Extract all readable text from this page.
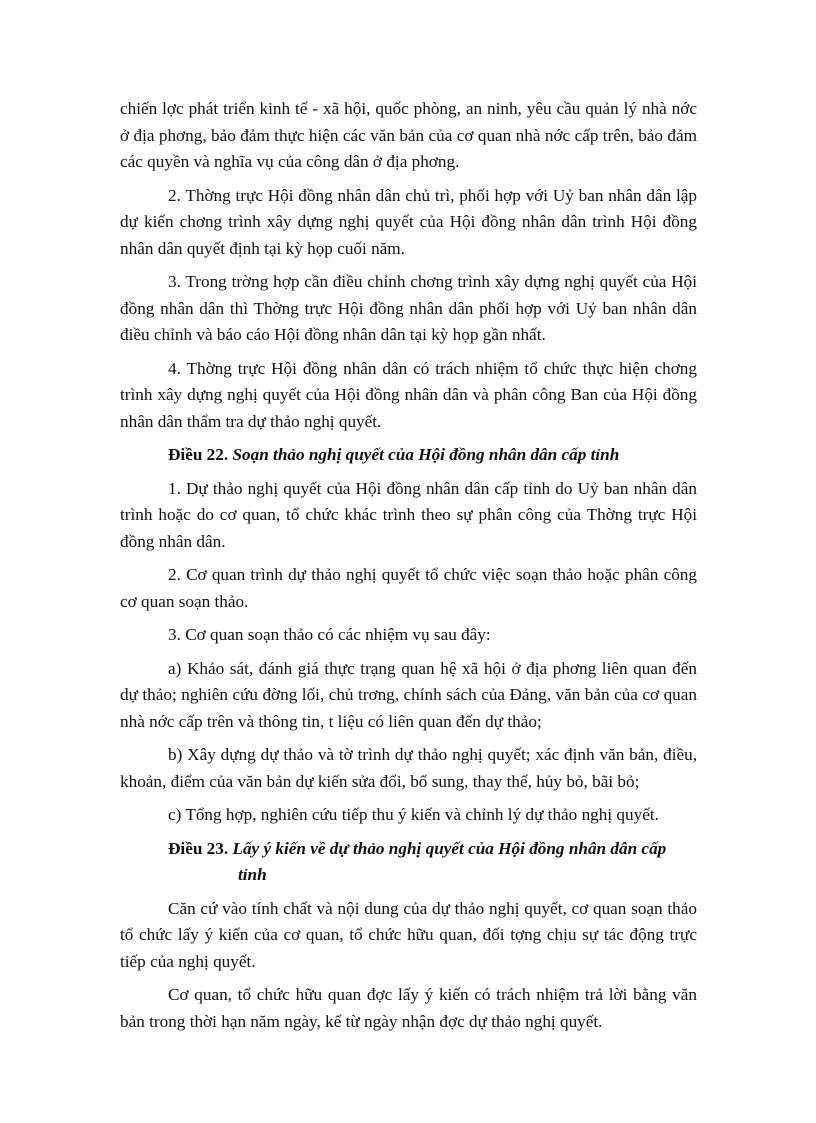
chiến lợc phát triển kinh tế - xã hội, quốc phòng, an ninh, yêu cầu quản lý nhà nớc ở địa phơng, bảo đảm thực hiện các văn bản của cơ quan nhà nớc cấp trên, bảo đảm các quyền và nghĩa vụ của công dân ở địa phơng.

2. Thờng trực Hội đồng nhân dân chủ trì, phối hợp với Uỷ ban nhân dân lập dự kiến chơng trình xây dựng nghị quyết của Hội đồng nhân dân trình Hội đồng nhân dân quyết định tại kỳ họp cuối năm.

3. Trong trờng hợp cần điều chỉnh chơng trình xây dựng nghị quyết của Hội đồng nhân dân thì Thờng trực Hội đồng nhân dân phối hợp với Uỷ ban nhân dân điều chỉnh và báo cáo Hội đồng nhân dân tại kỳ họp gần nhất.

4. Thờng trực Hội đồng nhân dân có trách nhiệm tổ chức thực hiện chơng trình xây dựng nghị quyết của Hội đồng nhân dân và phân công Ban của Hội đồng nhân dân thẩm tra dự thảo nghị quyết.

Điều 22. Soạn thảo nghị quyết của Hội đồng nhân dân cấp tỉnh

1. Dự thảo nghị quyết của Hội đồng nhân dân cấp tỉnh do Uỷ ban nhân dân trình hoặc do cơ quan, tổ chức khác trình theo sự phân công của Thờng trực Hội đồng nhân dân.

2. Cơ quan trình dự thảo nghị quyết tổ chức việc soạn thảo hoặc phân công cơ quan soạn thảo.

3. Cơ quan soạn thảo có các nhiệm vụ sau đây:

a) Khảo sát, đánh giá thực trạng quan hệ xã hội ở địa phơng liên quan đến dự thảo; nghiên cứu đờng lối, chủ trơng, chính sách của Đảng, văn bản của cơ quan nhà nớc cấp trên và thông tin, t liệu có liên quan đến dự thảo;

b) Xây dựng dự thảo và tờ trình dự thảo nghị quyết; xác định văn bản, điều, khoản, điểm của văn bản dự kiến sửa đổi, bổ sung, thay thế, hủy bỏ, bãi bỏ;

c) Tổng hợp, nghiên cứu tiếp thu ý kiến và chỉnh lý dự thảo nghị quyết.

Điều 23. Lấy ý kiến về dự thảo nghị quyết của Hội đồng nhân dân cấp tỉnh

Căn cứ vào tính chất và nội dung của dự thảo nghị quyết, cơ quan soạn thảo tổ chức lấy ý kiến của cơ quan, tổ chức hữu quan, đối tợng chịu sự tác động trực tiếp của nghị quyết.

Cơ quan, tổ chức hữu quan đợc lấy ý kiến có trách nhiệm trả lời bằng văn bản trong thời hạn năm ngày, kể từ ngày nhận đợc dự thảo nghị quyết.
